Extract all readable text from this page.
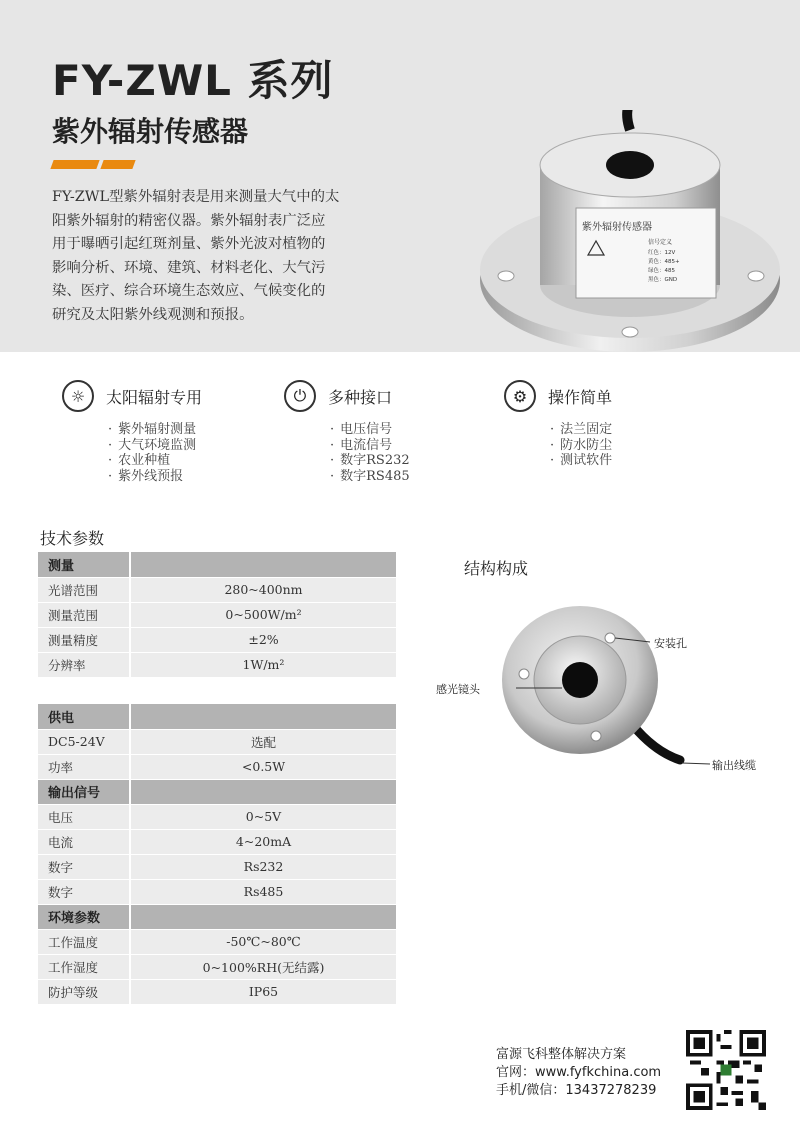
FY-ZWL 系列
紫外辐射传感器

FY-ZWL型紫外辐射表是用来测量大气中的太

阳紫外辐射的精密仪器。紫外辐射表广泛应

用于曝晒引起红斑剂量、紫外光波对植物的

影响分析、环境、建筑、材料老化、大气污

染、医疗、综合环境生态效应、气候变化的

研究及太阳紫外线观测和预报。

紫外辐射传感器
信号定义
红色：12V
黄色：485+
绿色：485
黑色：GND
☼	太阳辐射专用
· 紫外辐射测量
· 大气环境监测
· 农业种植
· 紫外线预报
⏻	多种接口
· 电压信号
· 电流信号
· 数字RS232
· 数字RS485
⚙	操作简单
· 法兰固定
· 防水防尘
· 测试软件
技术参数
测量	
光谱范围	280~400nm
测量范围	0~500W/m²
测量精度	±2%
分辨率	1W/m²
供电	
DC5-24V	选配
功率	<0.5W
输出信号	
电压	0~5V
电流	4~20mA
数字	Rs232
数字	Rs485
环境参数	
工作温度	-50℃~80℃
工作湿度	0~100%RH(无结露)
防护等级	IP65
结构构成
安装孔
感光镜头
输出线缆

富源飞科整体解决方案

官网：www.fyfkchina.com

手机/微信：13437278239
